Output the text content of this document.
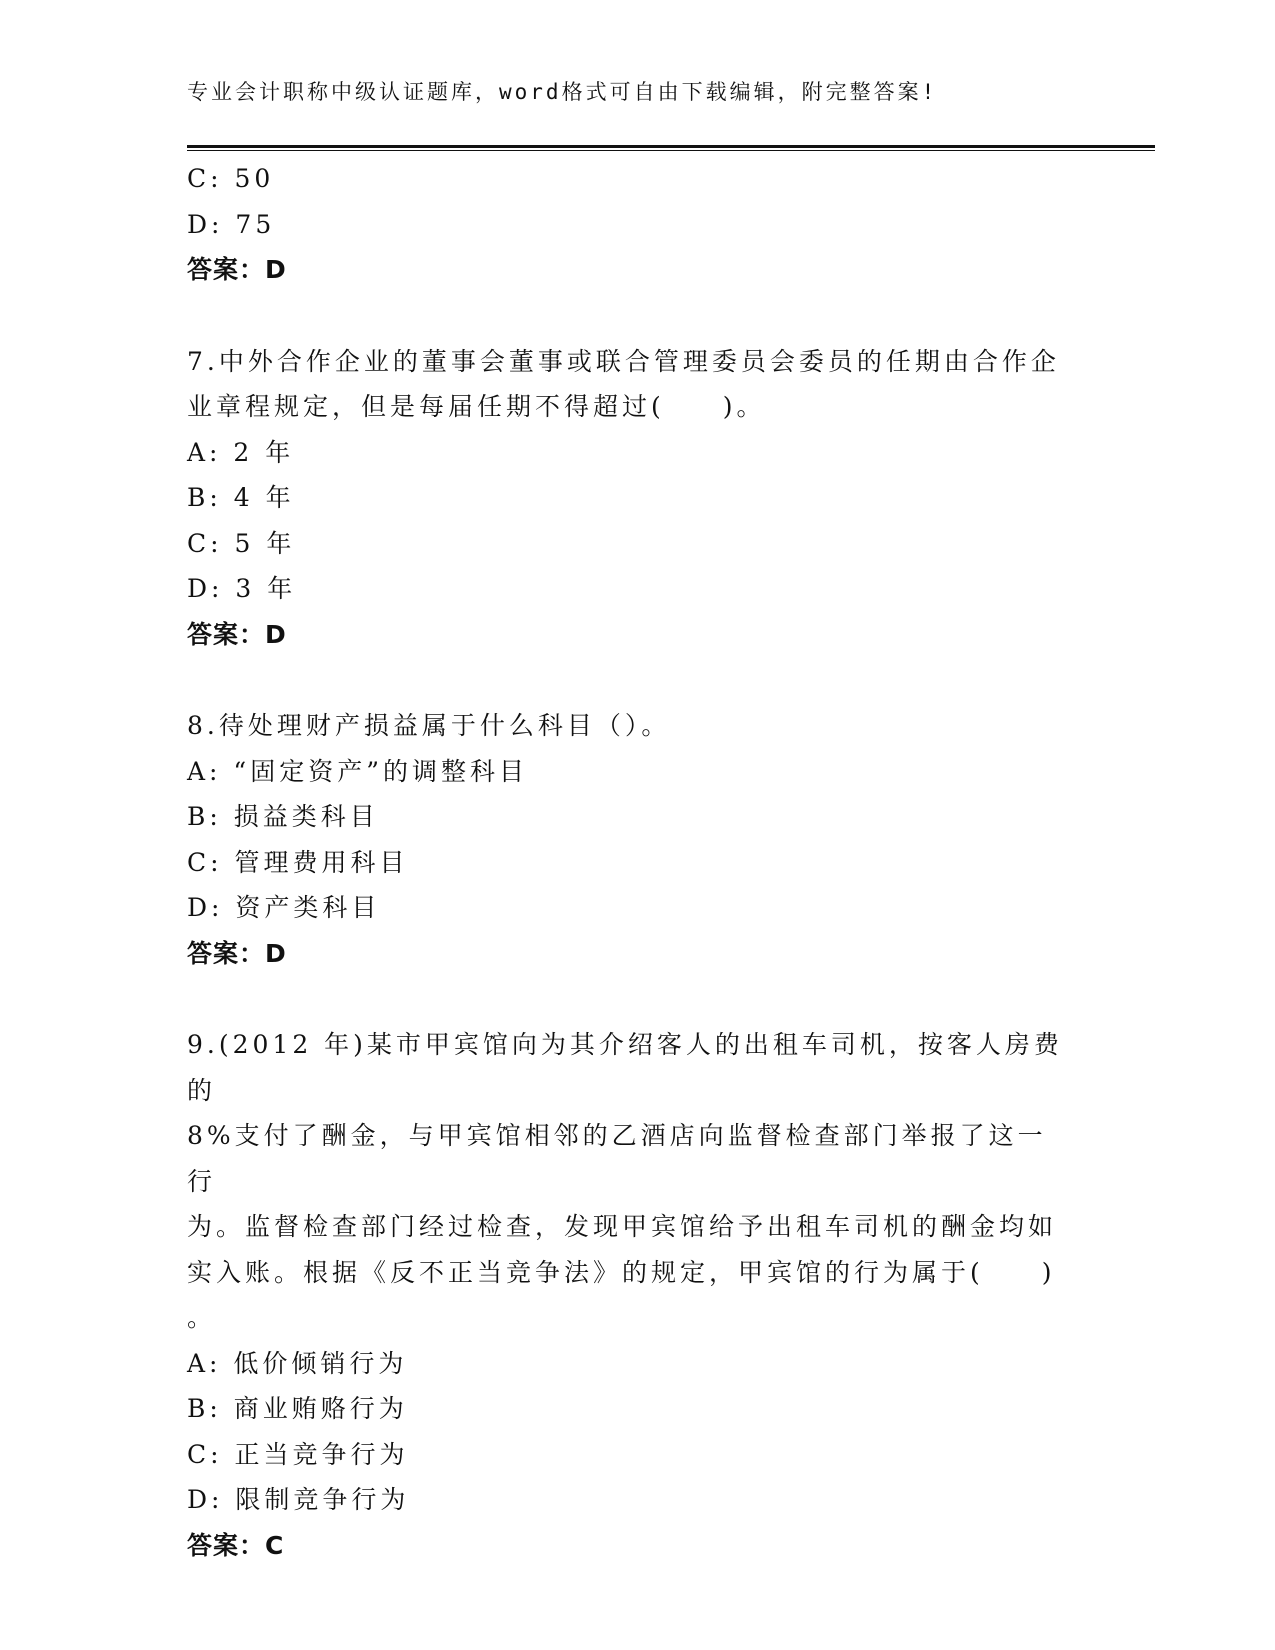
专业会计职称中级认证题库，word格式可自由下载编辑，附完整答案!
C: 50
D: 75
答案：D
7.中外合作企业的董事会董事或联合管理委员会委员的任期由合作企
业章程规定，但是每届任期不得超过(　　)。
A: 2 年
B: 4 年
C: 5 年
D: 3 年
答案：D
8.待处理财产损益属于什么科目（）。
A: “固定资产”的调整科目
B: 损益类科目
C: 管理费用科目
D: 资产类科目
答案：D
9.(2012 年)某市甲宾馆向为其介绍客人的出租车司机，按客人房费的
8%支付了酬金，与甲宾馆相邻的乙酒店向监督检查部门举报了这一行
为。监督检查部门经过检查，发现甲宾馆给予出租车司机的酬金均如
实入账。根据《反不正当竞争法》的规定，甲宾馆的行为属于(　　)
。
A: 低价倾销行为
B: 商业贿赂行为
C: 正当竞争行为
D: 限制竞争行为
答案：C
